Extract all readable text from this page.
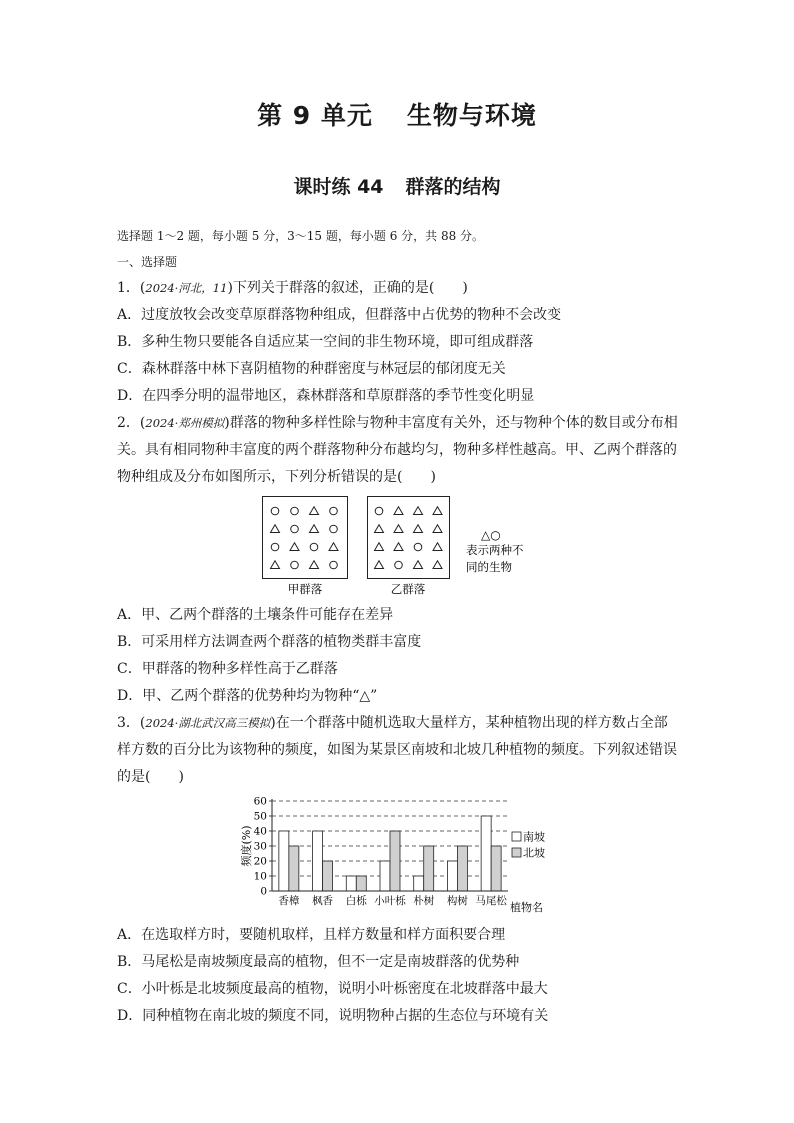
第 9 单元 生物与环境
课时练 44 群落的结构
选择题 1～2 题，每小题 5 分，3～15 题，每小题 6 分，共 88 分。
一、选择题
1．(2024·河北，11)下列关于群落的叙述，正确的是(　　)
A．过度放牧会改变草原群落物种组成，但群落中占优势的物种不会改变
B．多种生物只要能各自适应某一空间的非生物环境，即可组成群落
C．森林群落中林下喜阴植物的种群密度与林冠层的郁闭度无关
D．在四季分明的温带地区，森林群落和草原群落的季节性变化明显
2．(2024·郑州模拟)群落的物种多样性除与物种丰富度有关外，还与物种个体的数目或分布相
关。具有相同物种丰富度的两个群落物种分布越均匀，物种多样性越高。甲、乙两个群落的
物种组成及分布如图所示，下列分析错误的是(　　)
△○
表示两种不
同的生物
甲群落	乙群落
A．甲、乙两个群落的土壤条件可能存在差异
B．可采用样方法调查两个群落的植物类群丰富度
C．甲群落的物种多样性高于乙群落
D．甲、乙两个群落的优势种均为物种“△”
3．(2024·湖北武汉高三模拟)在一个群落中随机选取大量样方，某种植物出现的样方数占全部
样方数的百分比为该物种的频度，如图为某景区南坡和北坡几种植物的频度。下列叙述错误
的是(　　)
0
10
20
30
40
50
60
香樟 枫香 白栎 小叶栎 朴树 构树 马尾松
频度(%)
植物名
南坡
北坡
A．在选取样方时，要随机取样，且样方数量和样方面积要合理
B．马尾松是南坡频度最高的植物，但不一定是南坡群落的优势种
C．小叶栎是北坡频度最高的植物，说明小叶栎密度在北坡群落中最大
D．同种植物在南北坡的频度不同，说明物种占据的生态位与环境有关
